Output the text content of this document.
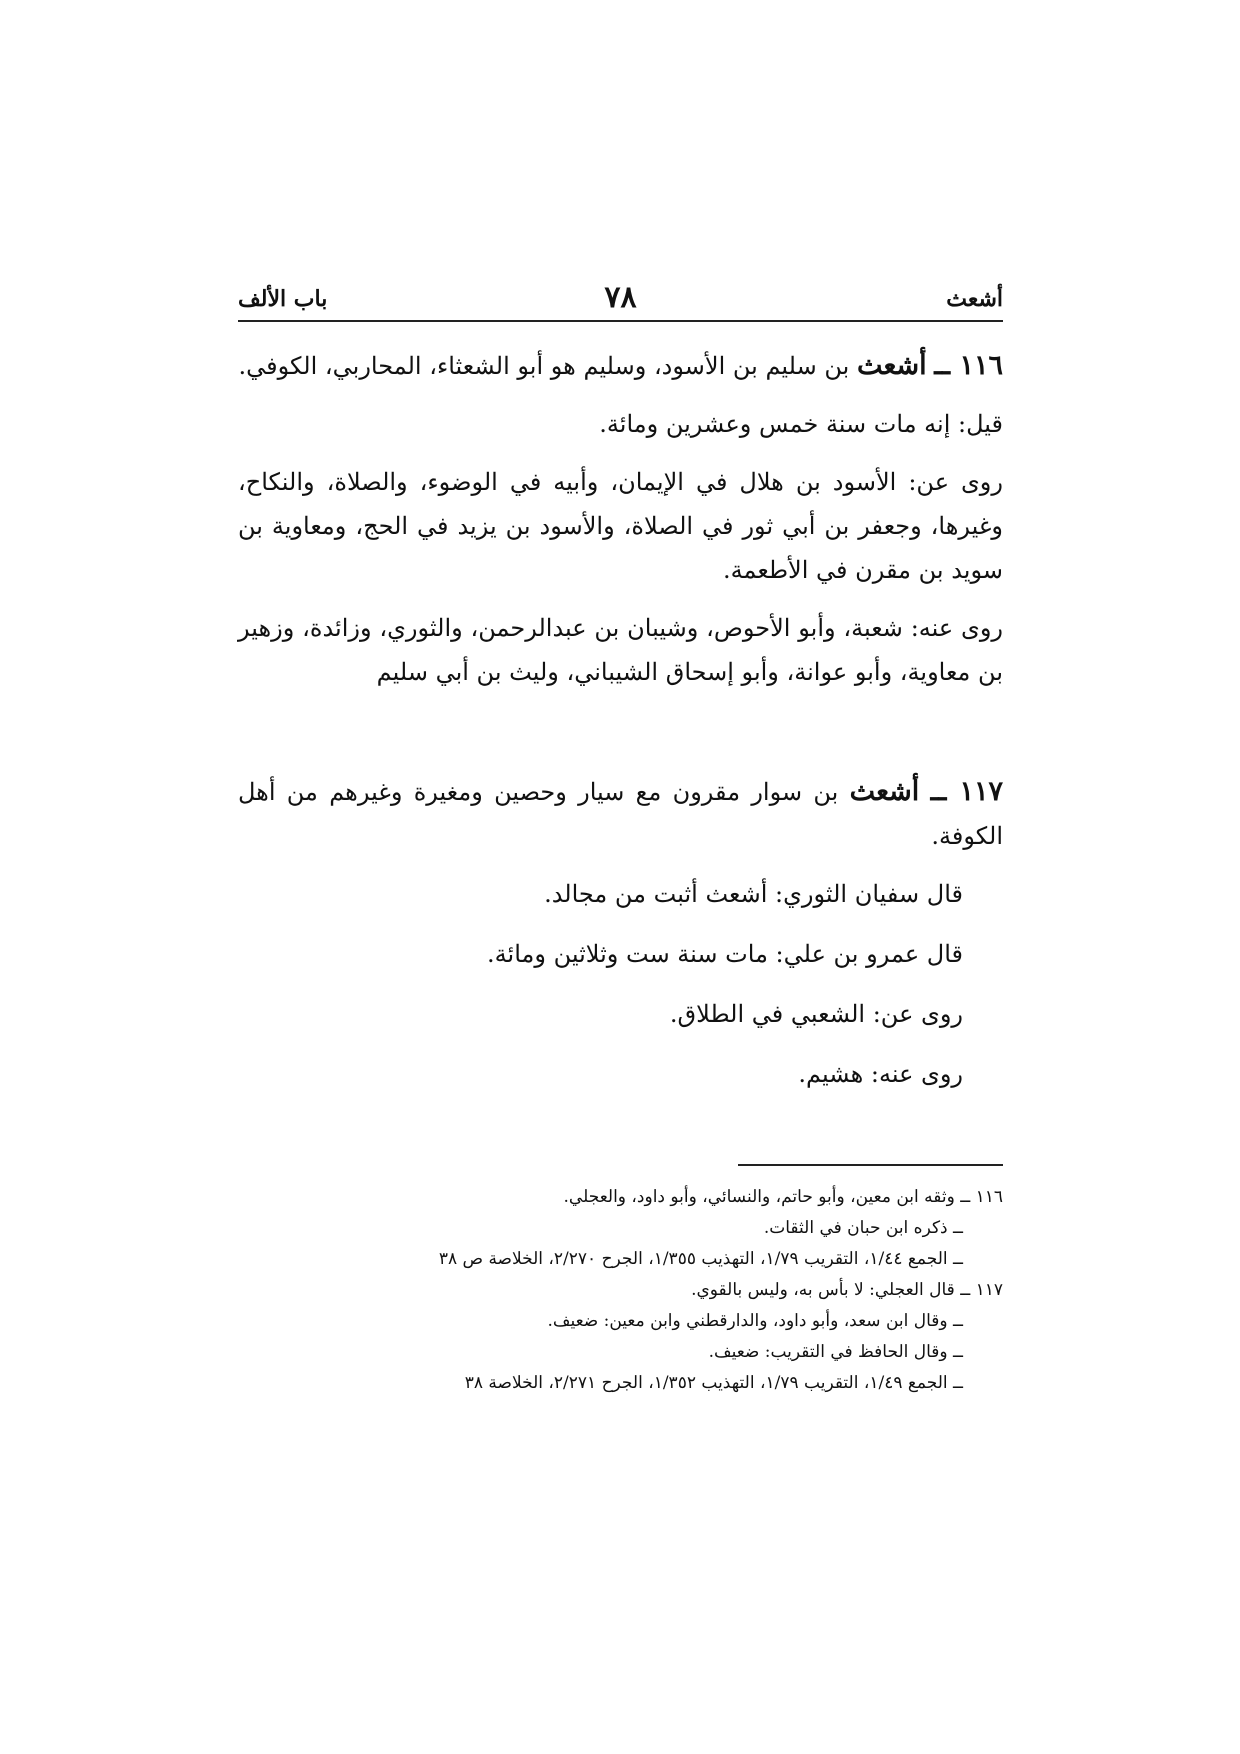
أشعث
٧٨
باب الألف

١١٦ ــ أشعث بن سليم بن الأسود، وسليم هو أبو الشعثاء، المحاربي، الكوفي.

قيل: إنه مات سنة خمس وعشرين ومائة.

روى عن: الأسود بن هلال في الإيمان، وأبيه في الوضوء، والصلاة، والنكاح، وغيرها، وجعفر بن أبي ثور في الصلاة، والأسود بن يزيد في الحج، ومعاوية بن سويد بن مقرن في الأطعمة.

روى عنه: شعبة، وأبو الأحوص، وشيبان بن عبدالرحمن، والثوري، وزائدة، وزهير بن معاوية، وأبو عوانة، وأبو إسحاق الشيباني، وليث بن أبي سليم

١١٧ ــ أشعث بن سوار مقرون مع سيار وحصين ومغيرة وغيرهم من أهل الكوفة.

قال سفيان الثوري: أشعث أثبت من مجالد.

قال عمرو بن علي: مات سنة ست وثلاثين ومائة.

روى عن: الشعبي في الطلاق.

روى عنه: هشيم.

١١٦ ــ وثقه ابن معين، وأبو حاتم، والنسائي، وأبو داود، والعجلي.
ــ ذكره ابن حبان في الثقات.
ــ الجمع ١/٤٤، التقريب ١/٧٩، التهذيب ١/٣٥٥، الجرح ٢/٢٧٠، الخلاصة ص ٣٨
١١٧ ــ قال العجلي: لا بأس به، وليس بالقوي.
ــ وقال ابن سعد، وأبو داود، والدارقطني وابن معين: ضعيف.
ــ وقال الحافظ في التقريب: ضعيف.
ــ الجمع ١/٤٩، التقريب ١/٧٩، التهذيب ١/٣٥٢، الجرح ٢/٢٧١، الخلاصة ٣٨
